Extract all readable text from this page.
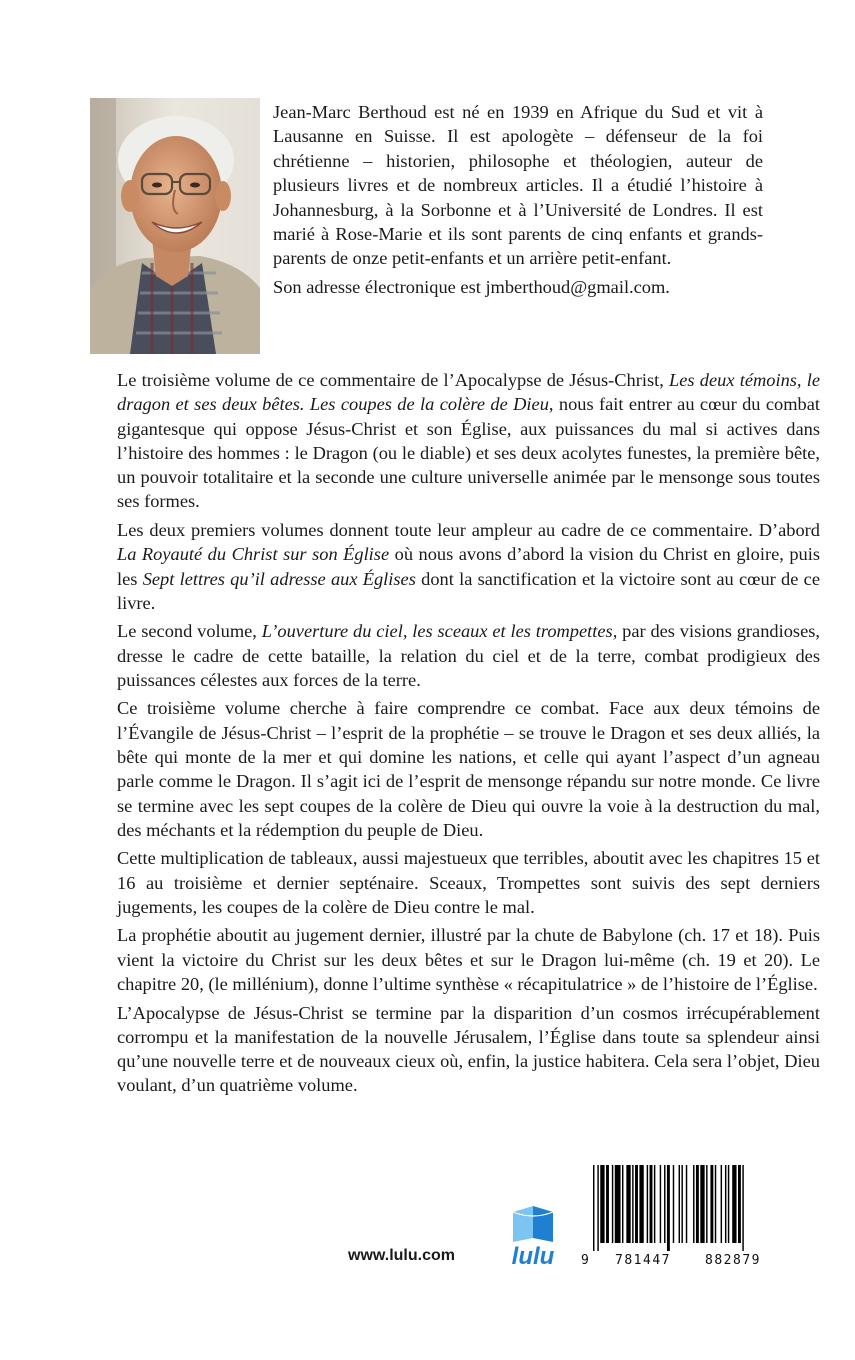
Jean-Marc Berthoud est né en 1939 en Afrique du Sud et vit à Lausanne en Suisse. Il est apologète – défenseur de la foi chrétienne – historien, philosophe et théologien, auteur de plusieurs livres et de nombreux articles. Il a étudié l’histoire à Johannesburg, à la Sorbonne et à l’Université de Londres. Il est marié à Rose-Marie et ils sont parents de cinq enfants et grands-parents de onze petit-enfants et un arrière petit-enfant.

Son adresse électronique est jmberthoud@gmail.com.

Le troisième volume de ce commentaire de l’Apocalypse de Jésus-Christ, Les deux témoins, le dragon et ses deux bêtes. Les coupes de la colère de Dieu, nous fait entrer au cœur du combat gigantesque qui oppose Jésus-Christ et son Église, aux puissances du mal si actives dans l’histoire des hommes : le Dragon (ou le diable) et ses deux acolytes funestes, la première bête, un pouvoir totalitaire et la seconde une culture universelle animée par le mensonge sous toutes ses formes.

Les deux premiers volumes donnent toute leur ampleur au cadre de ce commentaire. D’abord La Royauté du Christ sur son Église où nous avons d’abord la vision du Christ en gloire, puis les Sept lettres qu’il adresse aux Églises dont la sanctification et la victoire sont au cœur de ce livre.

Le second volume, L’ouverture du ciel, les sceaux et les trompettes, par des visions grandioses, dresse le cadre de cette bataille, la relation du ciel et de la terre, combat prodigieux des puissances célestes aux forces de la terre.

Ce troisième volume cherche à faire comprendre ce combat. Face aux deux témoins de l’Évangile de Jésus-Christ – l’esprit de la prophétie – se trouve le Dragon et ses deux alliés, la bête qui monte de la mer et qui domine les nations, et celle qui ayant l’aspect d’un agneau parle comme le Dragon. Il s’agit ici de l’esprit de mensonge répandu sur notre monde. Ce livre se termine avec les sept coupes de la colère de Dieu qui ouvre la voie à la destruction du mal, des méchants et la rédemption du peuple de Dieu.

Cette multiplication de tableaux, aussi majestueux que terribles, aboutit avec les chapitres 15 et 16 au troisième et dernier septénaire. Sceaux, Trompettes sont suivis des sept derniers jugements, les coupes de la colère de Dieu contre le mal.

La prophétie aboutit au jugement dernier, illustré par la chute de Babylone (ch. 17 et 18). Puis vient la victoire du Christ sur les deux bêtes et sur le Dragon lui-même (ch. 19 et 20). Le chapitre 20, (le millénium), donne l’ultime synthèse « récapitulatrice » de l’histoire de l’Église.

L’Apocalypse de Jésus-Christ se termine par la disparition d’un cosmos irrécupérablement corrompu et la manifestation de la nouvelle Jérusalem, l’Église dans toute sa splendeur ainsi qu’une nouvelle terre et de nouveaux cieux où, enfin, la justice habitera. Cela sera l’objet, Dieu voulant, d’un quatrième volume.

www.lulu.com lulu 9	781447	882879
